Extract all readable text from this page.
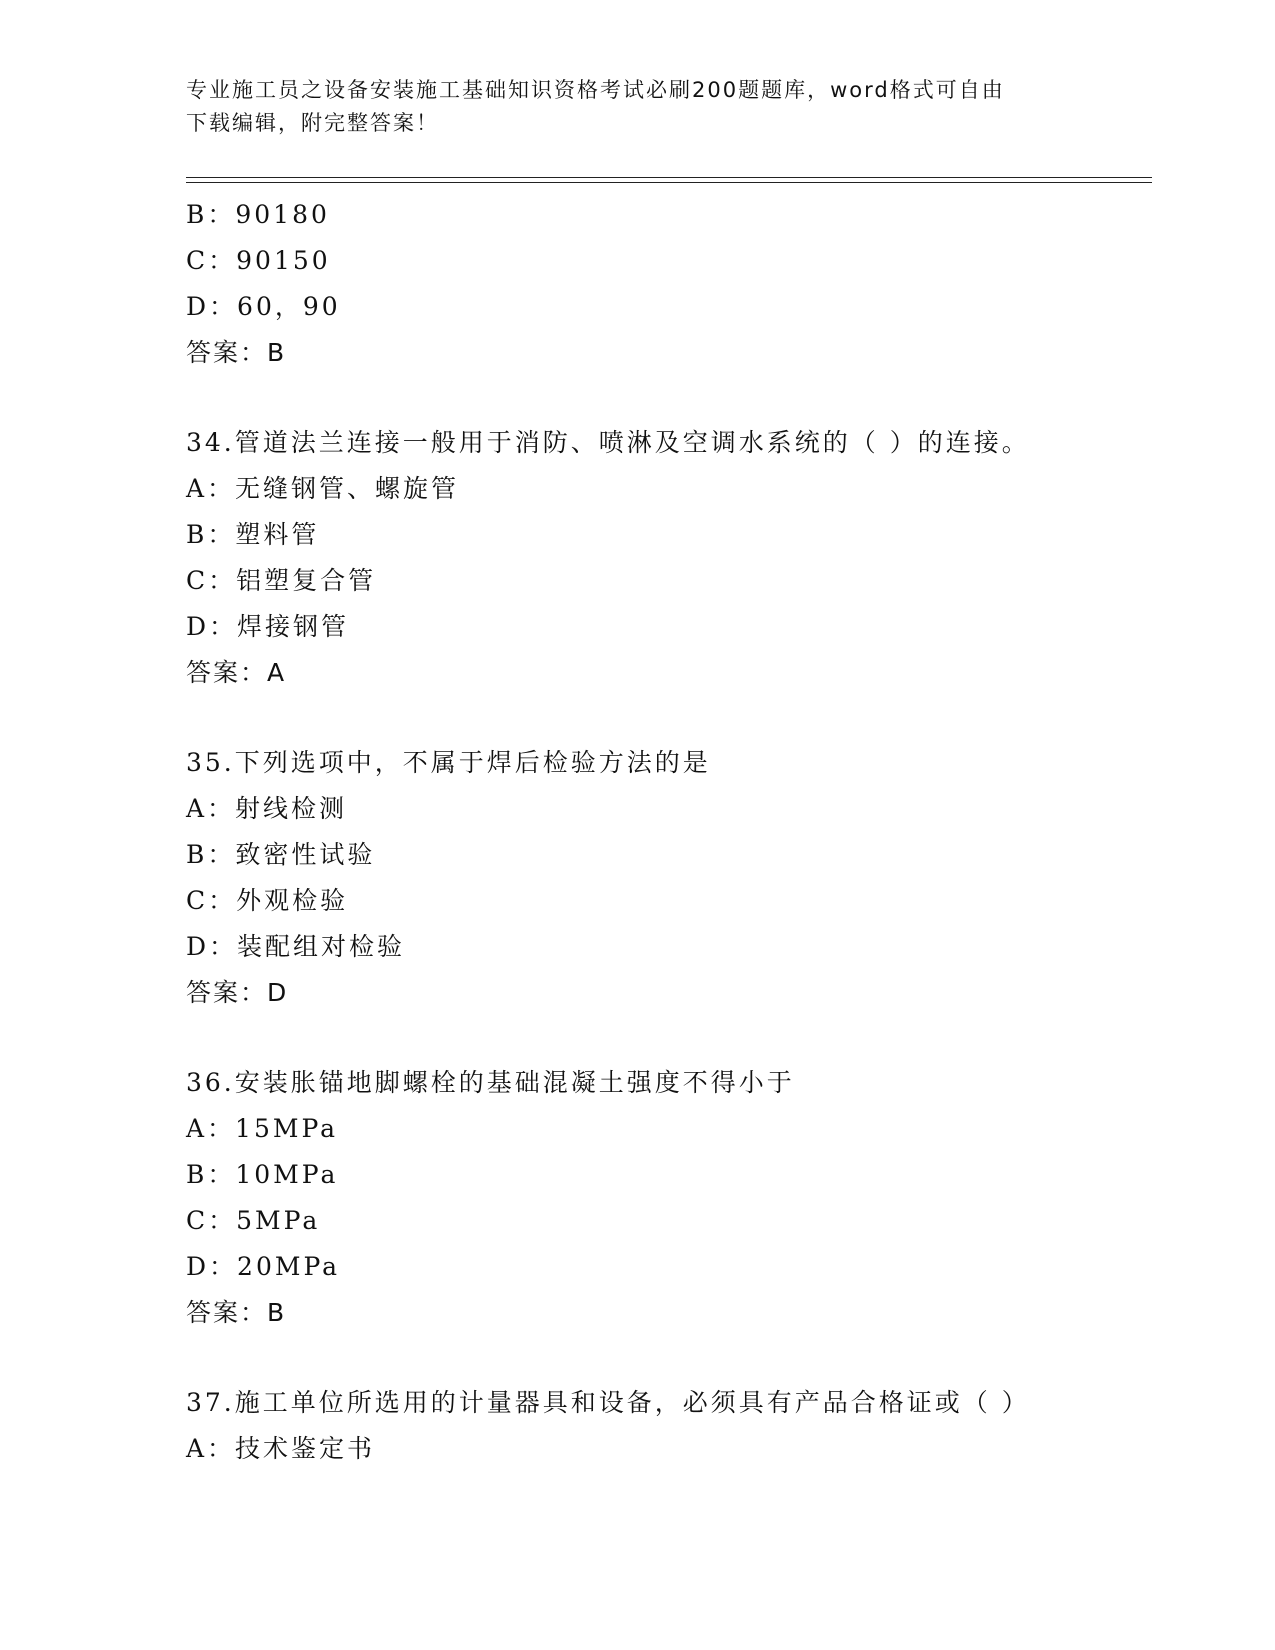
专业施工员之设备安装施工基础知识资格考试必刷200题题库，word格式可自由
下载编辑，附完整答案！
B：90180
C：90150
D：60，90
答案：B
34.管道法兰连接一般用于消防、喷淋及空调水系统的（ ）的连接。
A：无缝钢管、螺旋管
B：塑料管
C：铝塑复合管
D：焊接钢管
答案：A
35.下列选项中，不属于焊后检验方法的是
A：射线检测
B：致密性试验
C：外观检验
D：装配组对检验
答案：D
36.安装胀锚地脚螺栓的基础混凝土强度不得小于
A：15MPa
B：10MPa
C：5MPa
D：20MPa
答案：B
37.施工单位所选用的计量器具和设备，必须具有产品合格证或（ ）
A：技术鉴定书
